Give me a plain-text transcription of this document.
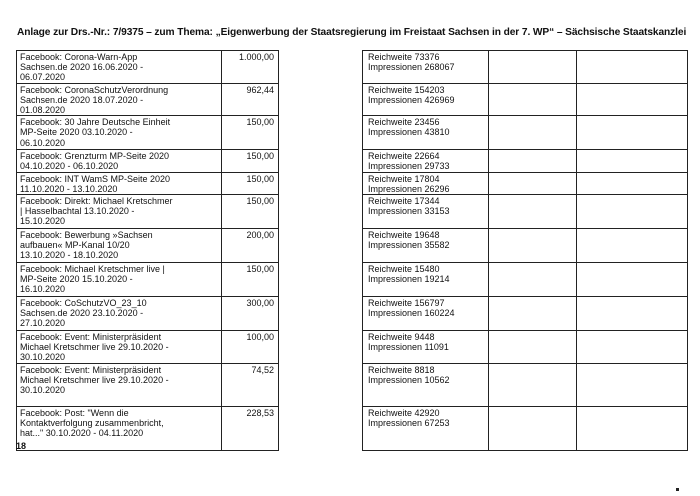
Anlage zur Drs.-Nr.: 7/9375 – zum Thema: „Eigenwerbung der Staatsregierung im Freistaat Sachsen in der 7. WP“ – Sächsische Staatskanzlei
Facebook: Corona-Warn-App
Sachsen.de 2020 16.06.2020 -
06.07.2020	1.000,00		Reichweite 73376
Impressionen 268067		

Facebook: CoronaSchutzVerordnung
Sachsen.de 2020 18.07.2020 -
01.08.2020	962,44		Reichweite 154203
Impressionen 426969		

Facebook: 30 Jahre Deutsche Einheit
MP-Seite 2020 03.10.2020 -
06.10.2020	150,00		Reichweite 23456
Impressionen 43810		

Facebook: Grenzturm MP-Seite 2020
04.10.2020 - 06.10.2020	150,00		Reichweite 22664
Impressionen 29733		

Facebook: INT WamS MP-Seite 2020
11.10.2020 - 13.10.2020	150,00		Reichweite 17804
Impressionen 26296		

Facebook: Direkt: Michael Kretschmer
| Hasselbachtal 13.10.2020 -
15.10.2020	150,00		Reichweite 17344
Impressionen 33153		

Facebook: Bewerbung »Sachsen
aufbauen« MP-Kanal 10/20
13.10.2020 - 18.10.2020	200,00		Reichweite 19648
Impressionen 35582		

Facebook: Michael Kretschmer live |
MP-Seite 2020 15.10.2020 -
16.10.2020	150,00		Reichweite 15480
Impressionen 19214		

Facebook: CoSchutzVO_23_10
Sachsen.de 2020 23.10.2020 -
27.10.2020	300,00		Reichweite 156797
Impressionen 160224		

Facebook: Event: Ministerpräsident
Michael Kretschmer live 29.10.2020 -
30.10.2020	100,00		Reichweite 9448
Impressionen 11091		

Facebook: Event: Ministerpräsident
Michael Kretschmer live 29.10.2020 -
30.10.2020	74,52		Reichweite 8818
Impressionen 10562		

Facebook: Post: "Wenn die
Kontaktverfolgung zusammenbricht,
hat..." 30.10.2020 - 04.11.2020	228,53		Reichweite 42920
Impressionen 67253		

18
